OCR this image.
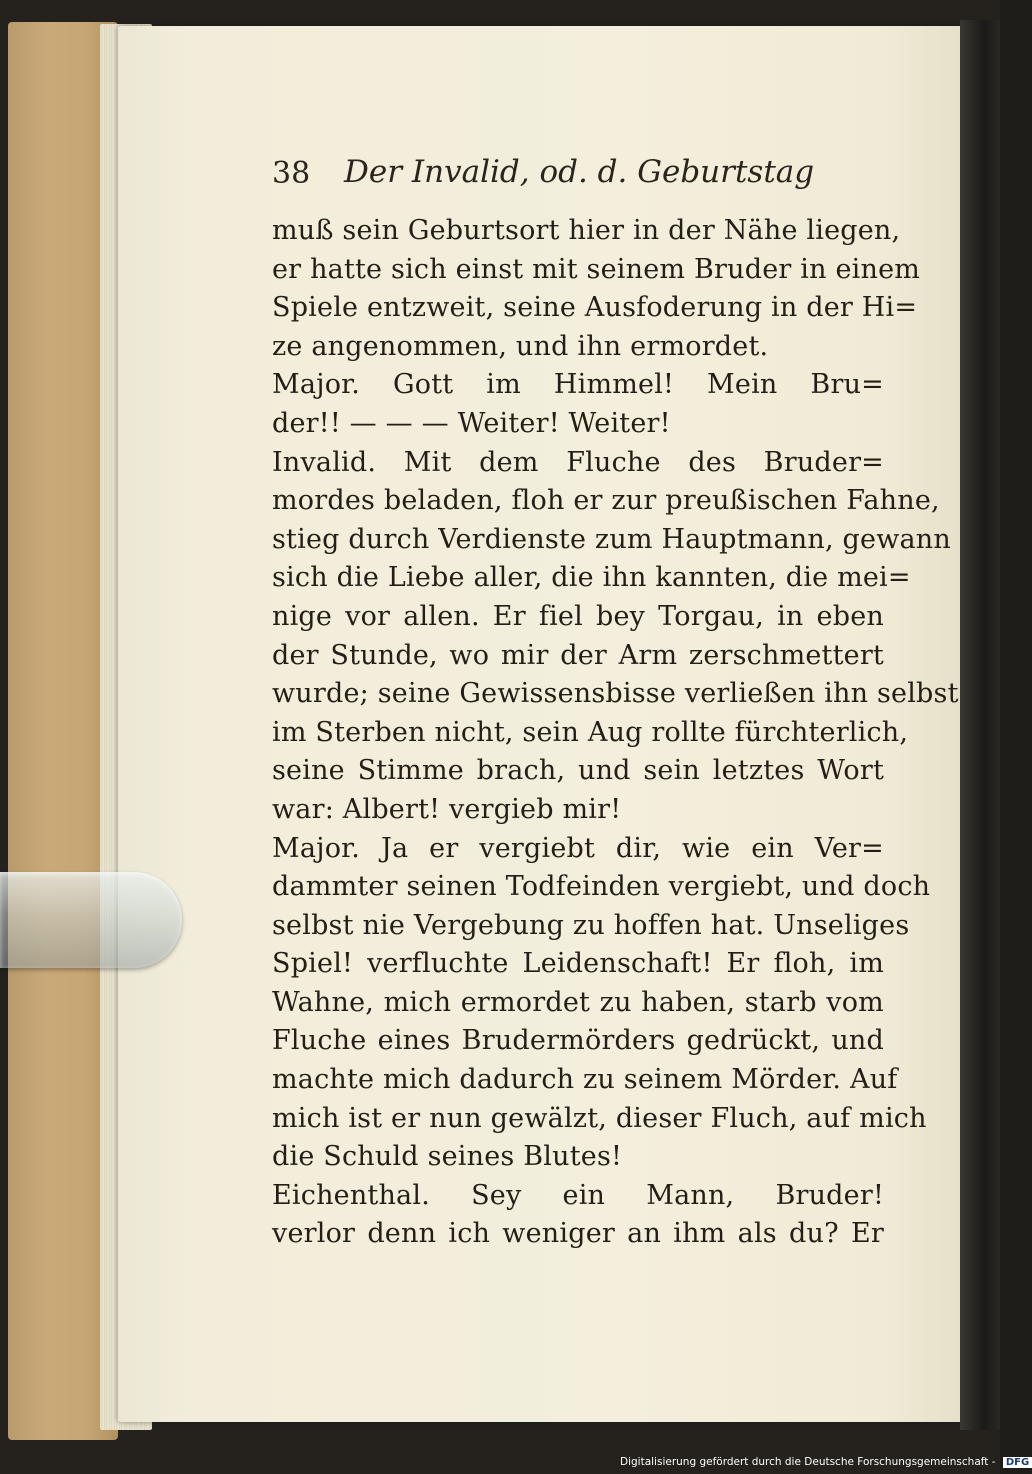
38 Der Invalid, od. d. Geburtstag
muß sein Geburtsort hier in der Nähe liegen,
er hatte sich einst mit seinem Bruder in einem
Spiele entzweit, seine Ausfoderung in der Hi=
ze angenommen, und ihn ermordet.
Major. Gott im Himmel! Mein Bru=
der!! — — — Weiter! Weiter!
Invalid. Mit dem Fluche des Bruder=
mordes beladen, floh er zur preußischen Fahne,
stieg durch Verdienste zum Hauptmann, gewann
sich die Liebe aller, die ihn kannten, die mei=
nige vor allen. Er fiel bey Torgau, in eben
der Stunde, wo mir der Arm zerschmettert
wurde; seine Gewissensbisse verließen ihn selbst
im Sterben nicht, sein Aug rollte fürchterlich,
seine Stimme brach, und sein letztes Wort
war: Albert! vergieb mir!
Major. Ja er vergiebt dir, wie ein Ver=
dammter seinen Todfeinden vergiebt, und doch
selbst nie Vergebung zu hoffen hat. Unseliges
Spiel! verfluchte Leidenschaft! Er floh, im
Wahne, mich ermordet zu haben, starb vom
Fluche eines Brudermörders gedrückt, und
machte mich dadurch zu seinem Mörder. Auf
mich ist er nun gewälzt, dieser Fluch, auf mich
die Schuld seines Blutes!
Eichenthal. Sey ein Mann, Bruder!
verlor denn ich weniger an ihm als du? Er
Digitalisierung gefördert durch die Deutsche Forschungsgemeinschaft - DFG
